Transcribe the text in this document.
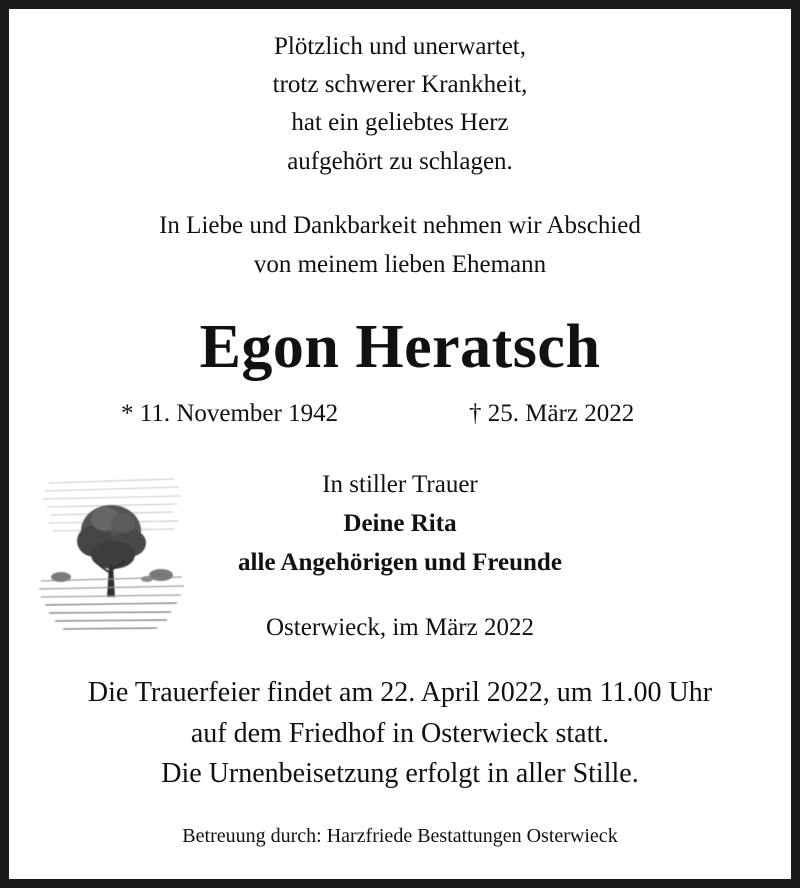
Plötzlich und unerwartet,
trotz schwerer Krankheit,
hat ein geliebtes Herz
aufgehört zu schlagen.
In Liebe und Dankbarkeit nehmen wir Abschied
von meinem lieben Ehemann
Egon Heratsch
* 11. November 1942	† 25. März 2022
In stiller Trauer
Deine Rita
alle Angehörigen und Freunde
Osterwieck, im März 2022
Die Trauerfeier findet am 22. April 2022, um 11.00 Uhr
auf dem Friedhof in Osterwieck statt.
Die Urnenbeisetzung erfolgt in aller Stille.
Betreuung durch: Harzfriede Bestattungen Osterwieck
